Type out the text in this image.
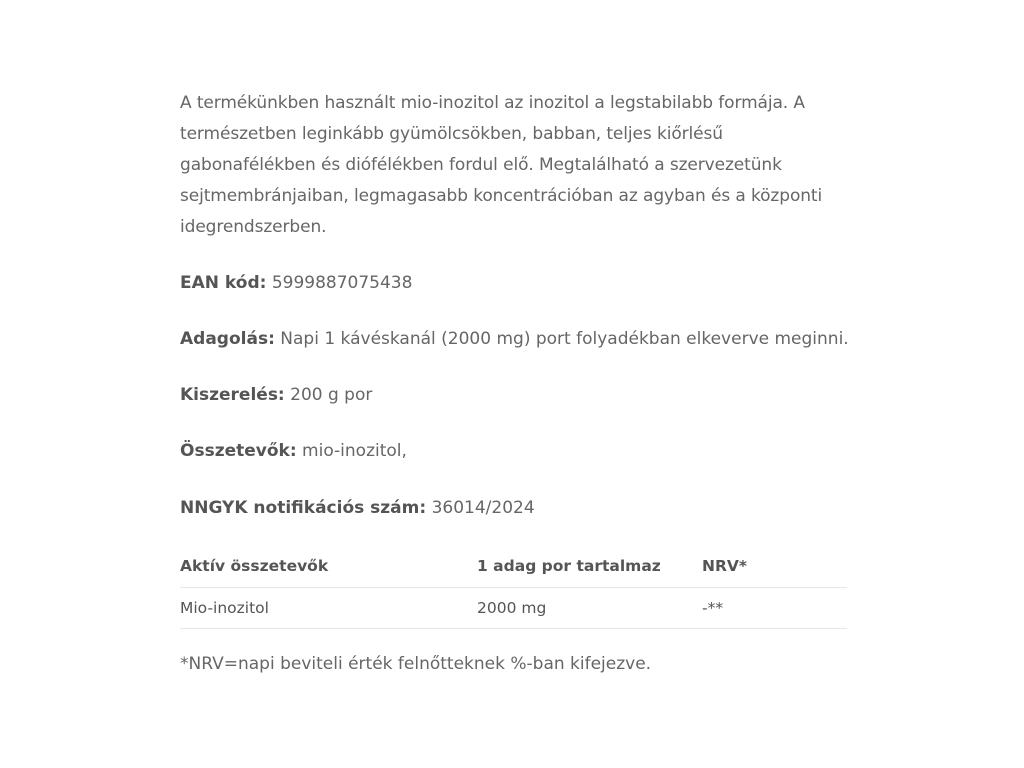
A termékünkben használt mio-inozitol az inozitol a legstabilabb formája. A természetben leginkább gyümölcsökben, babban, teljes kiőrlésű gabonafélékben és diófélékben fordul elő. Megtalálható a szervezetünk sejtmembránjaiban, legmagasabb koncentrációban az agyban és a központi idegrendszerben.

EAN kód: 5999887075438

Adagolás: Napi 1 kávéskanál (2000 mg) port folyadékban elkeverve meginni.

Kiszerelés: 200 g por

Összetevők: mio-inozitol,

NNGYK notifikációs szám: 36014/2024

Aktív összetevők	1 adag por tartalmaz	NRV*
Mio-inozitol	2000 mg	-**

*NRV=napi beviteli érték felnőtteknek %-ban kifejezve.
